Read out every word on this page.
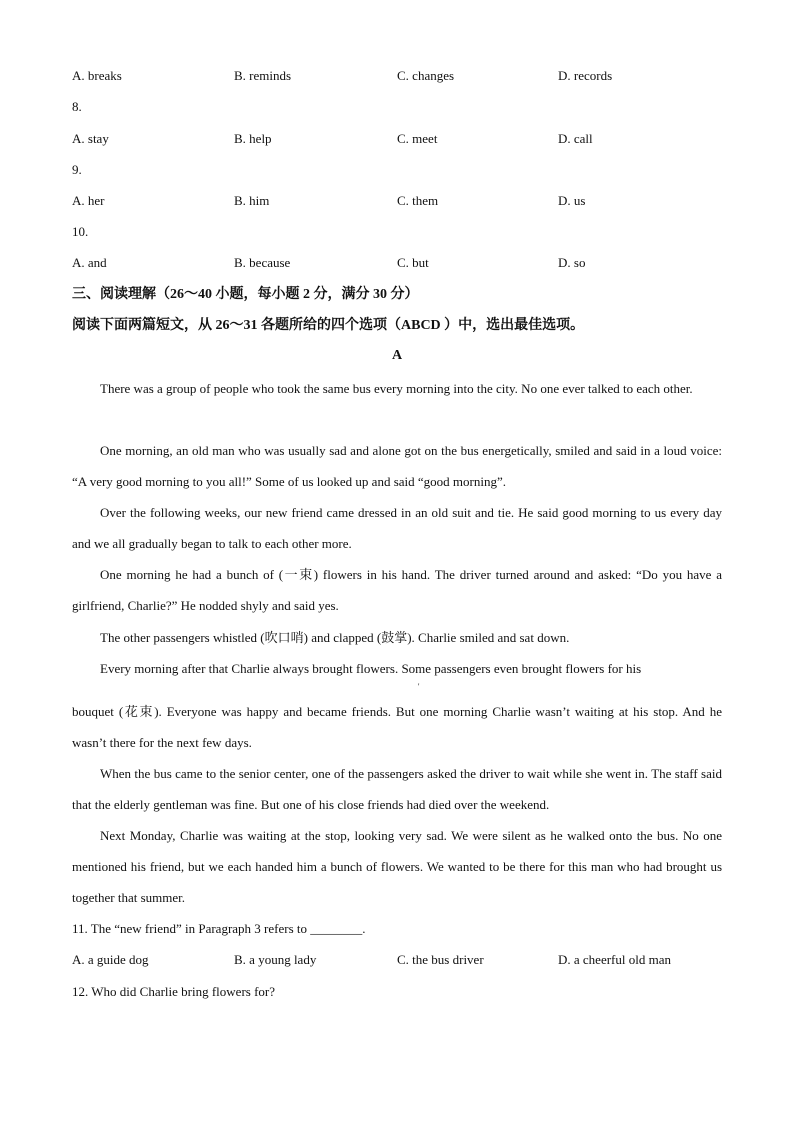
A. breaks	B. reminds	C. changes	D. records
8.
A. stay	B. help	C. meet	D. call
9.
A. her	B. him	C. them	D. us
10.
A. and	B. because	C. but	D. so
三、阅读理解（26～40 小题，每小题 2 分，满分 30 分）
阅读下面两篇短文，从 26～31 各题所给的四个选项（ABCD ）中，选出最佳选项。
A

There was a group of people who took the same bus every morning into the city. No one ever talked to each other.

One morning, an old man who was usually sad and alone got on the bus energetically, smiled and said in a loud voice: “A very good morning to you all!” Some of us looked up and said “good morning”.

Over the following weeks, our new friend came dressed in an old suit and tie. He said good morning to us every day and we all gradually began to talk to each other more.

One morning he had a bunch of (一束) flowers in his hand. The driver turned around and asked: “Do you have a girlfriend, Charlie?” He nodded shyly and said yes.

The other passengers whistled (吹口哨) and clapped (鼓掌). Charlie smiled and sat down.

Every morning after that Charlie always brought flowers. Some passengers even brought flowers for his

'

bouquet (花束). Everyone was happy and became friends. But one morning Charlie wasn’t waiting at his stop. And he wasn’t there for the next few days.

When the bus came to the senior center, one of the passengers asked the driver to wait while she went in. The staff said that the elderly gentleman was fine. But one of his close friends had died over the weekend.

Next Monday, Charlie was waiting at the stop, looking very sad. We were silent as he walked onto the bus. No one mentioned his friend, but we each handed him a bunch of flowers. We wanted to be there for this man who had brought us together that summer.

11. The “new friend” in Paragraph 3 refers to ________.
A. a guide dog	B. a young lady	C. the bus driver	D. a cheerful old man
12. Who did Charlie bring flowers for?
